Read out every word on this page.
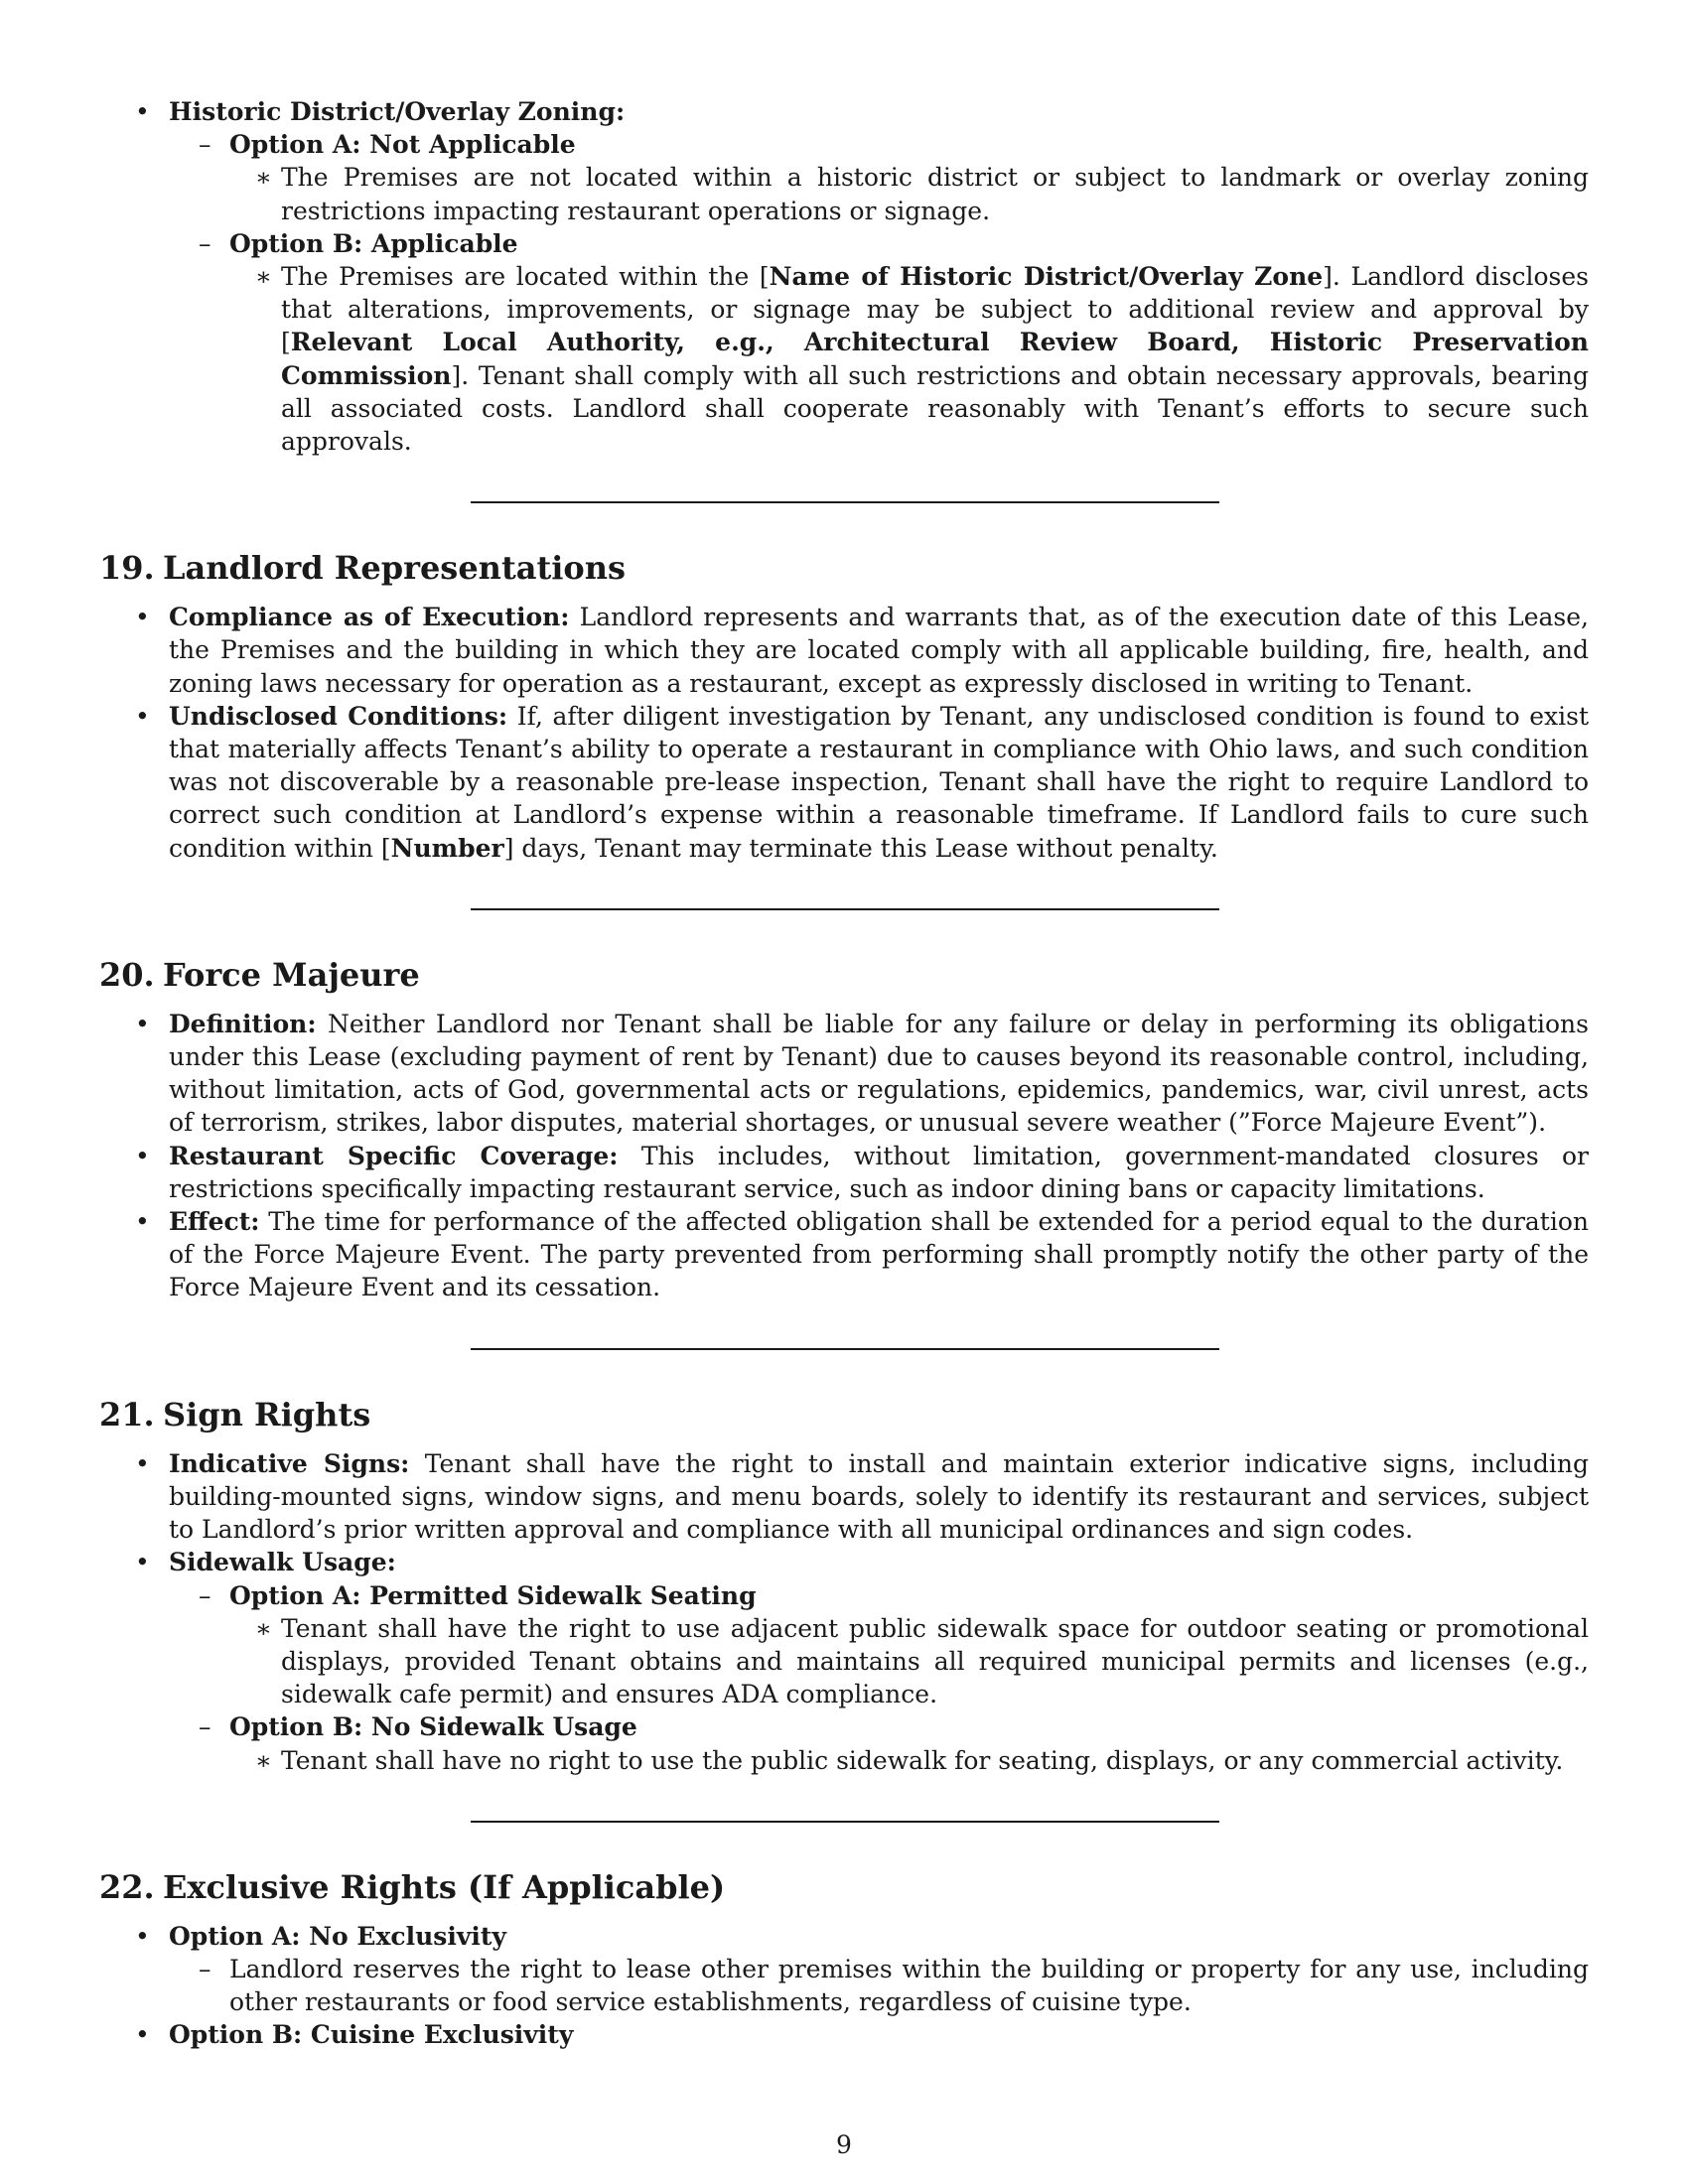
• Historic District/Overlay Zoning:
– Option A: Not Applicable
∗ The Premises are not located within a historic district or subject to landmark or overlay zoning restrictions impacting restaurant operations or signage.
– Option B: Applicable
∗ The Premises are located within the [Name of Historic District/Overlay Zone]. Landlord discloses that alterations, improvements, or signage may be subject to additional review and approval by [Relevant Local Authority, e.g., Architectural Review Board, Historic Preservation Commission]. Tenant shall comply with all such restrictions and obtain necessary approvals, bearing all associated costs. Landlord shall cooperate reasonably with Tenant’s efforts to secure such approvals.
19. Landlord Representations
• Compliance as of Execution: Landlord represents and warrants that, as of the execution date of this Lease, the Premises and the building in which they are located comply with all applicable building, fire, health, and zoning laws necessary for operation as a restaurant, except as expressly disclosed in writing to Tenant.
• Undisclosed Conditions: If, after diligent investigation by Tenant, any undisclosed condition is found to exist that materially affects Tenant’s ability to operate a restaurant in compliance with Ohio laws, and such condition was not discoverable by a reasonable pre-lease inspection, Tenant shall have the right to require Landlord to correct such condition at Landlord’s expense within a reasonable timeframe. If Landlord fails to cure such condition within [Number] days, Tenant may terminate this Lease without penalty.
20. Force Majeure
• Definition: Neither Landlord nor Tenant shall be liable for any failure or delay in performing its obligations under this Lease (excluding payment of rent by Tenant) due to causes beyond its reasonable control, including, without limitation, acts of God, governmental acts or regulations, epidemics, pandemics, war, civil unrest, acts of terrorism, strikes, labor disputes, material shortages, or unusual severe weather (”Force Majeure Event”).
• Restaurant Specific Coverage: This includes, without limitation, government-mandated closures or restrictions specifically impacting restaurant service, such as indoor dining bans or capacity limitations.
• Effect: The time for performance of the affected obligation shall be extended for a period equal to the duration of the Force Majeure Event. The party prevented from performing shall promptly notify the other party of the Force Majeure Event and its cessation.
21. Sign Rights
• Indicative Signs: Tenant shall have the right to install and maintain exterior indicative signs, including building-mounted signs, window signs, and menu boards, solely to identify its restaurant and services, subject to Landlord’s prior written approval and compliance with all municipal ordinances and sign codes.
• Sidewalk Usage:
– Option A: Permitted Sidewalk Seating
∗ Tenant shall have the right to use adjacent public sidewalk space for outdoor seating or promotional displays, provided Tenant obtains and maintains all required municipal permits and licenses (e.g., sidewalk cafe permit) and ensures ADA compliance.
– Option B: No Sidewalk Usage
∗ Tenant shall have no right to use the public sidewalk for seating, displays, or any commercial activity.
22. Exclusive Rights (If Applicable)
• Option A: No Exclusivity
– Landlord reserves the right to lease other premises within the building or property for any use, including other restaurants or food service establishments, regardless of cuisine type.
• Option B: Cuisine Exclusivity
9
